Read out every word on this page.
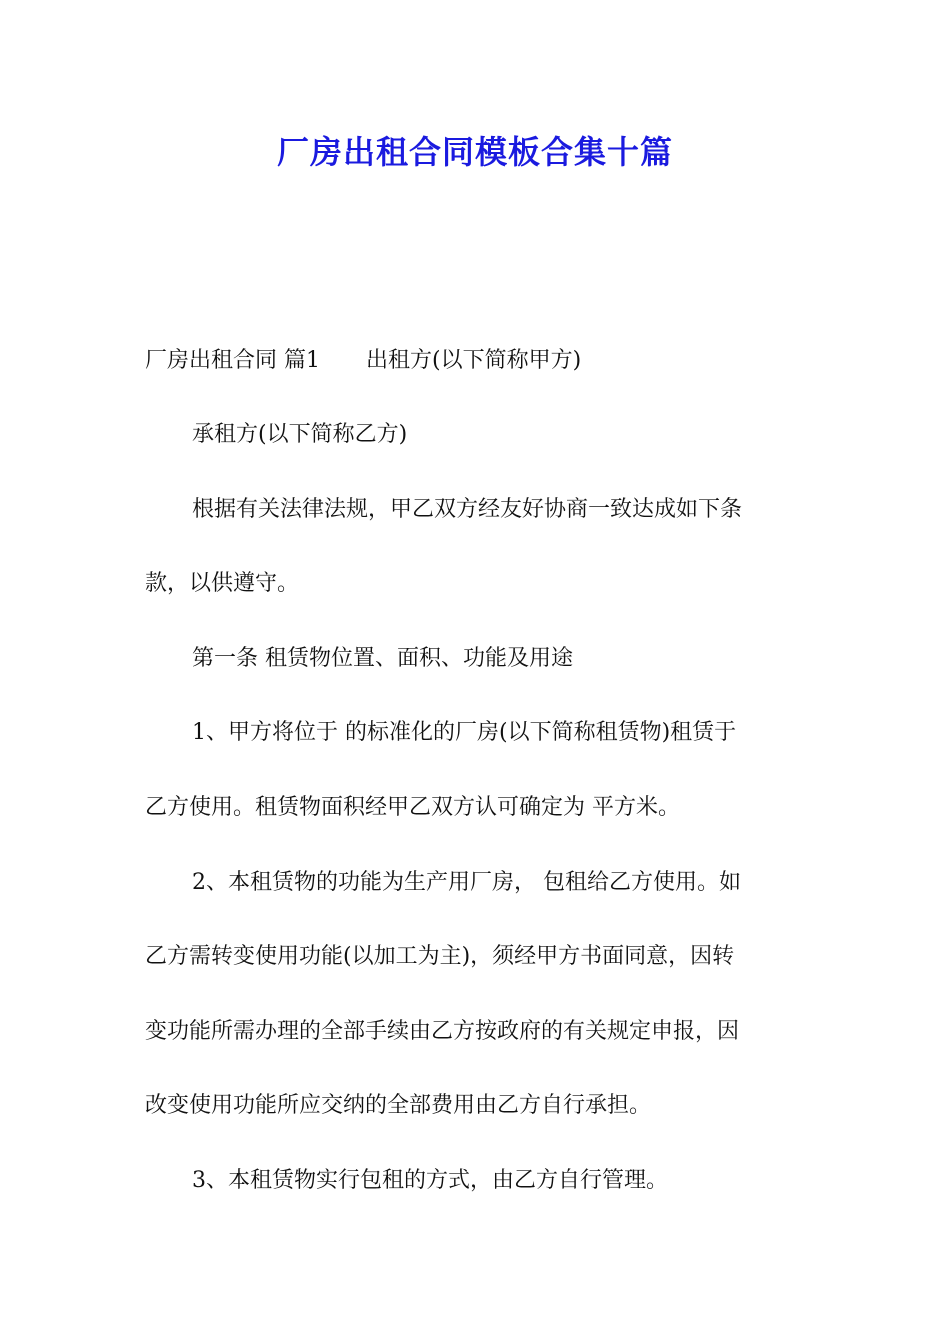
厂房出租合同模板合集十篇
厂房出租合同 篇1 出租方(以下简称甲方)
承租方(以下简称乙方)
根据有关法律法规，甲乙双方经友好协商一致达成如下条
款，以供遵守。
第一条 租赁物位置、面积、功能及用途
1、甲方将位于 的标准化的厂房(以下简称租赁物)租赁于
乙方使用。租赁物面积经甲乙双方认可确定为 平方米。
2、本租赁物的功能为生产用厂房， 包租给乙方使用。如
乙方需转变使用功能(以加工为主)，须经甲方书面同意，因转
变功能所需办理的全部手续由乙方按政府的有关规定申报，因
改变使用功能所应交纳的全部费用由乙方自行承担。
3、本租赁物实行包租的方式，由乙方自行管理。
